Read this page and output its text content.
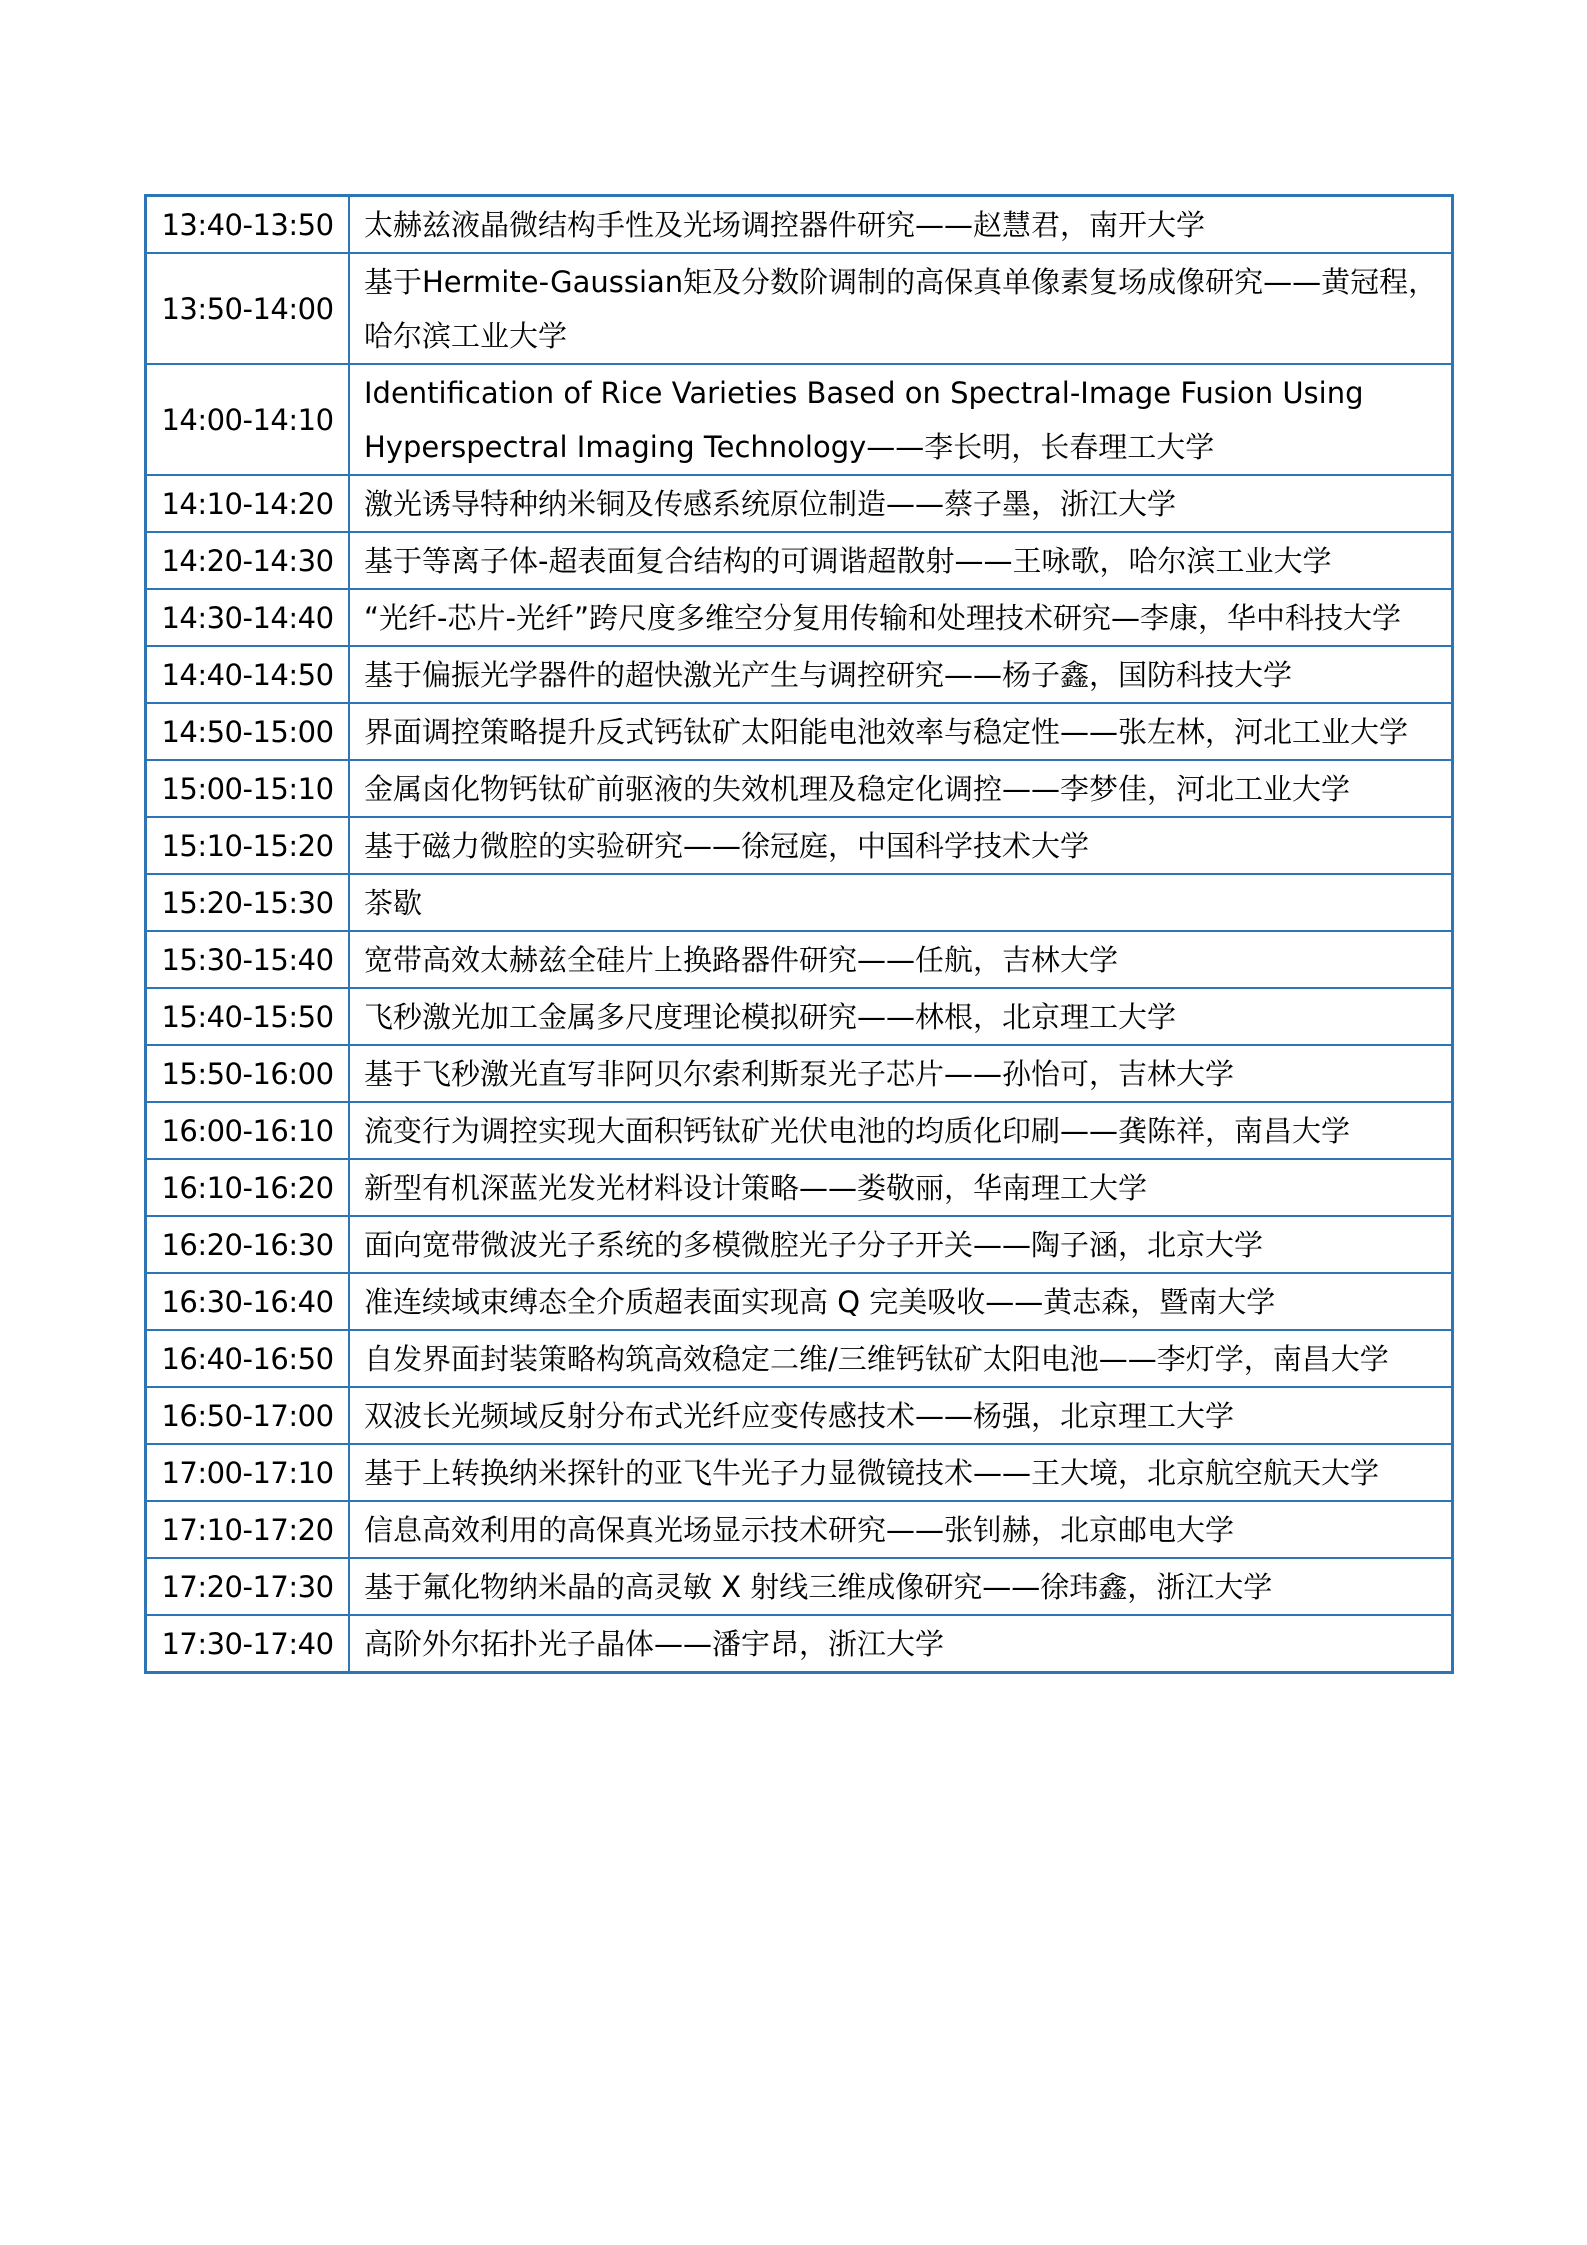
13:40-13:50	太赫兹液晶微结构手性及光场调控器件研究——赵慧君，南开大学
13:50-14:00	基于Hermite-Gaussian矩及分数阶调制的高保真单像素复场成像研究——黄冠程，哈尔滨工业大学
14:00-14:10	Identification of Rice Varieties Based on Spectral-Image Fusion Using Hyperspectral Imaging Technology——李长明，长春理工大学
14:10-14:20	激光诱导特种纳米铜及传感系统原位制造——蔡子墨，浙江大学
14:20-14:30	基于等离子体-超表面复合结构的可调谐超散射——王咏歌，哈尔滨工业大学
14:30-14:40	“光纤-芯片-光纤”跨尺度多维空分复用传输和处理技术研究—李康，华中科技大学
14:40-14:50	基于偏振光学器件的超快激光产生与调控研究——杨子鑫，国防科技大学
14:50-15:00	界面调控策略提升反式钙钛矿太阳能电池效率与稳定性——张左林，河北工业大学
15:00-15:10	金属卤化物钙钛矿前驱液的失效机理及稳定化调控——李梦佳，河北工业大学
15:10-15:20	基于磁力微腔的实验研究——徐冠庭，中国科学技术大学
15:20-15:30	茶歇
15:30-15:40	宽带高效太赫兹全硅片上换路器件研究——任航，吉林大学
15:40-15:50	飞秒激光加工金属多尺度理论模拟研究——林根，北京理工大学
15:50-16:00	基于飞秒激光直写非阿贝尔索利斯泵光子芯片——孙怡可，吉林大学
16:00-16:10	流变行为调控实现大面积钙钛矿光伏电池的均质化印刷——龚陈祥，南昌大学
16:10-16:20	新型有机深蓝光发光材料设计策略——娄敬丽，华南理工大学
16:20-16:30	面向宽带微波光子系统的多模微腔光子分子开关——陶子涵，北京大学
16:30-16:40	准连续域束缚态全介质超表面实现高 Q 完美吸收——黄志森，暨南大学
16:40-16:50	自发界面封装策略构筑高效稳定二维/三维钙钛矿太阳电池——李灯学，南昌大学
16:50-17:00	双波长光频域反射分布式光纤应变传感技术——杨强，北京理工大学
17:00-17:10	基于上转换纳米探针的亚飞牛光子力显微镜技术——王大境，北京航空航天大学
17:10-17:20	信息高效利用的高保真光场显示技术研究——张钊赫，北京邮电大学
17:20-17:30	基于氟化物纳米晶的高灵敏 X 射线三维成像研究——徐玮鑫，浙江大学
17:30-17:40	高阶外尔拓扑光子晶体——潘宇昂，浙江大学
